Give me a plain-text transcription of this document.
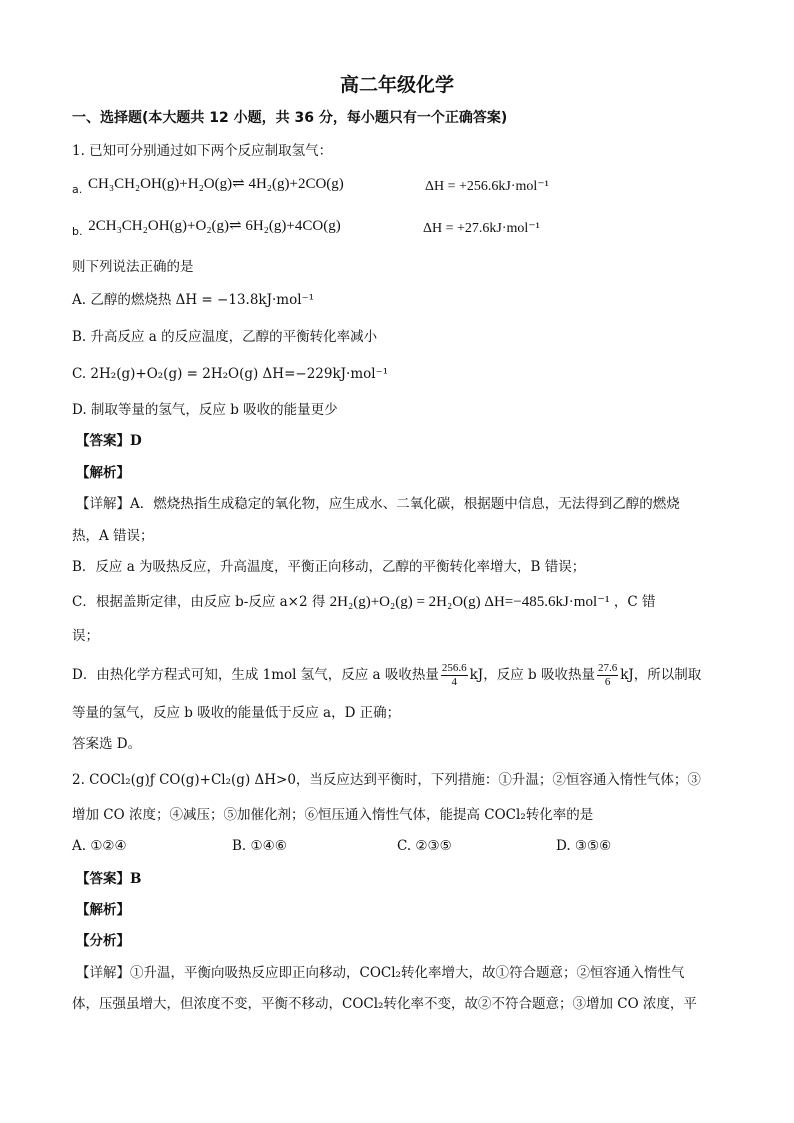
高二年级化学
一、选择题(本大题共 12 小题，共 36 分，每小题只有一个正确答案)
1. 已知可分别通过如下两个反应制取氢气：
$_{a.}$ CH₃CH₂OH(g)+H₂O(g)⇌ 4H₂(g)+2CO(g)	ΔH = +256.6kJ·mol⁻¹
$_{b.}$ 2CH₃CH₂OH(g)+O₂(g)⇌ 6H₂(g)+4CO(g)	ΔH = +27.6kJ·mol⁻¹
则下列说法正确的是
A. 乙醇的燃烧热 ΔH = −13.8kJ·mol⁻¹
B. 升高反应 a 的反应温度，乙醇的平衡转化率减小
C. 2H₂(g)+O₂(g) = 2H₂O(g) ΔH=−229kJ·mol⁻¹
D. 制取等量的氢气，反应 b 吸收的能量更少
【答案】D
【解析】
【详解】A．燃烧热指生成稳定的氧化物，应生成水、二氧化碳，根据题中信息，无法得到乙醇的燃烧
热，A 错误；
B．反应 a 为吸热反应，升高温度，平衡正向移动，乙醇的平衡转化率增大，B 错误；
C．根据盖斯定律，由反应 b-反应 a×2 得 2H₂(g)+O₂(g) = 2H₂O(g) ΔH=−485.6kJ·mol⁻¹ ，C 错
误；
D．由热化学方程式可知，生成 1mol 氢气，反应 a 吸收热量 $\frac{256.6}{4}$ kJ，反应 b 吸收热量 $\frac{27.6}{6}$ kJ，所以制取
等量的氢气，反应 b 吸收的能量低于反应 a，D 正确；
答案选 D。
2. COCl₂(g)ƒ CO(g)+Cl₂(g) ΔH>0，当反应达到平衡时，下列措施：①升温；②恒容通入惰性气体；③
增加 CO 浓度；④减压；⑤加催化剂；⑥恒压通入惰性气体，能提高 COCl₂转化率的是
A. ①②④	B. ①④⑥	C. ②③⑤	D. ③⑤⑥
【答案】B
【解析】
【分析】
【详解】①升温，平衡向吸热反应即正向移动，COCl₂转化率增大，故①符合题意；②恒容通入惰性气
体，压强虽增大，但浓度不变，平衡不移动，COCl₂转化率不变，故②不符合题意；③增加 CO 浓度，平
